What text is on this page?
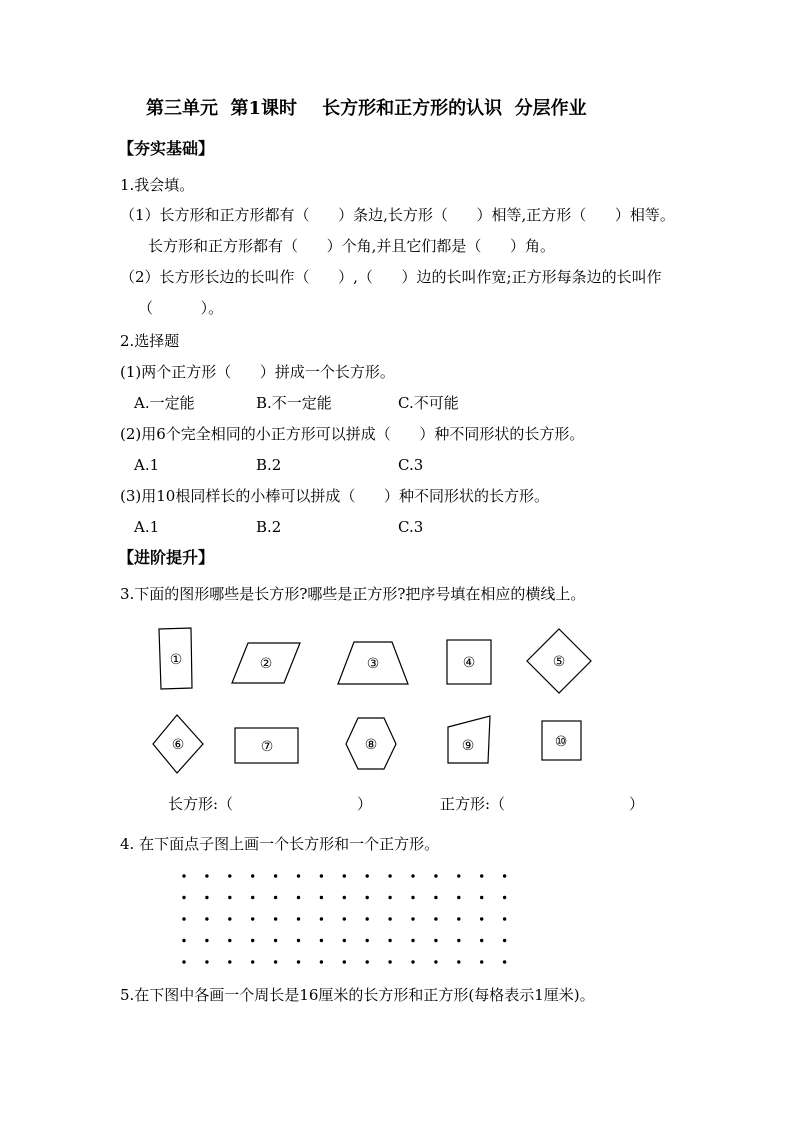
第三单元  第1课时    长方形和正方形的认识  分层作业
【夯实基础】
1.我会填。
（1）长方形和正方形都有（      ）条边,长方形（      ）相等,正方形（      ）相等。
长方形和正方形都有（      ）个角,并且它们都是（      ）角。
（2）长方形长边的长叫作（      ）,（      ）边的长叫作宽;正方形每条边的长叫作
（          ）。
2.选择题
(1)两个正方形（      ）拼成一个长方形。
A.一定能	B.不一定能	C.不可能
(2)用6个完全相同的小正方形可以拼成（      ）种不同形状的长方形。
A.1	B.2	C.3
(3)用10根同样长的小棒可以拼成（      ）种不同形状的长方形。
A.1	B.2	C.3
【进阶提升】
3.下面的图形哪些是长方形?哪些是正方形?把序号填在相应的横线上。
①	②	③	④	⑤
⑥	⑦	⑧	⑨	⑩
长方形:（                          ）	正方形:（                          ）
4. 在下面点子图上画一个长方形和一个正方形。
5.在下图中各画一个周长是16厘米的长方形和正方形(每格表示1厘米)。
